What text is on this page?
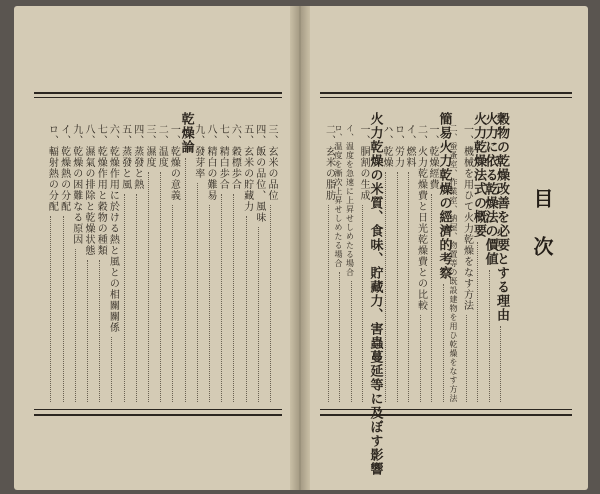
目次
穀物の乾燥改善を必要とする理由
火力に依る乾燥法の價値
火力乾燥法式の概要
一、機械を用ひて火力乾燥をなす方法
二、蚕蚤室、作業室、納屋、物置等の既設建物を用ひ乾燥をなす方法
簡易火力乾燥の經濟的考察
一、乾燥經費
二、火力乾燥費と日光乾燥費との比較
イ、燃料
ロ、労力
ハ、乾燥
火力乾燥の米質、食味、貯藏力、害蟲蔓延等に及ぼす影響
一、胴割の生成
イ、温度を急速に上昇せしめたる場合
ロ、温度を漸次上昇せしめたる場合
二、玄米の脂肪
三、玄米の品位
四、飯の品位、風味
五、玄米の貯藏力
六、穀標歩合
七、精白歩合
八、精白の難易
九、發芽率
乾燥論
一、乾燥の意義
二、温度
三、濕度
四、蒸發と熱
五、蒸發と風
六、乾燥作用に於ける熱と風との相關關係
七、乾燥作用と穀物の種類
八、濕氣の排除と乾燥状態
九、乾燥の困難なる原因
イ、乾燥熱の分配
ロ、輻射熱の分配
